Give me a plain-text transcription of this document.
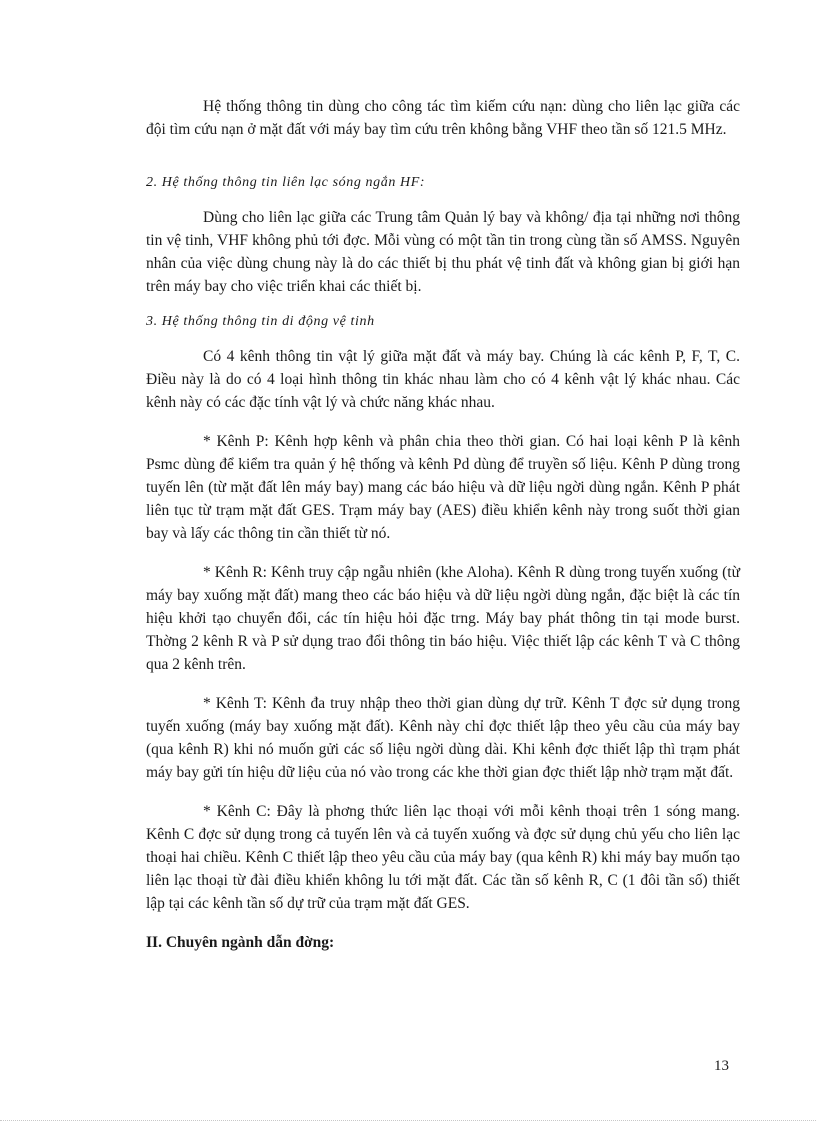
Hệ thống thông tin dùng cho công tác tìm kiếm cứu nạn: dùng cho liên lạc giữa các đội tìm cứu nạn ở mặt đất với máy bay tìm cứu trên không bằng VHF theo tần số 121.5 MHz.

2. Hệ thống thông tin liên lạc sóng ngắn HF:

Dùng cho liên lạc giữa các Trung tâm Quản lý bay và không/ địa tại những nơi thông tin vệ tinh, VHF không phủ tới đợc. Mỗi vùng có một tần tin trong cùng tần số AMSS. Nguyên nhân của việc dùng chung này là do các thiết bị thu phát vệ tinh đất và không gian bị giới hạn trên máy bay cho việc triển khai các thiết bị.

3. Hệ thống thông tin di động vệ tinh

Có 4 kênh thông tin vật lý giữa mặt đất và máy bay. Chúng là các kênh P, F, T, C. Điều này là do có 4 loại hình thông tin khác nhau làm cho có 4 kênh vật lý khác nhau. Các kênh này có các đặc tính vật lý và chức năng khác nhau.

* Kênh P: Kênh hợp kênh và phân chia theo thời gian. Có hai loại kênh P là kênh Psmc dùng để kiểm tra quản ý hệ thống và kênh Pd dùng để truyền số liệu. Kênh P dùng trong tuyến lên (từ mặt đất lên máy bay) mang các báo hiệu và dữ liệu ngời dùng ngắn. Kênh P phát liên tục từ trạm mặt đất GES. Trạm máy bay (AES) điều khiển kênh này trong suốt thời gian bay và lấy các thông tin cần thiết từ nó.

* Kênh R: Kênh truy cập ngẫu nhiên (khe Aloha). Kênh R dùng trong tuyến xuống (từ máy bay xuống mặt đất) mang theo các báo hiệu và dữ liệu ngời dùng ngắn, đặc biệt là các tín hiệu khởi tạo chuyển đổi, các tín hiệu hỏi đặc trng. Máy bay phát thông tin tại mode burst. Thờng 2 kênh R và P sử dụng trao đổi thông tin báo hiệu. Việc thiết lập các kênh T và C thông qua 2 kênh trên.

* Kênh T: Kênh đa truy nhập theo thời gian dùng dự trữ. Kênh T đợc sử dụng trong tuyến xuống (máy bay xuống mặt đất). Kênh này chỉ đợc thiết lập theo yêu cầu của máy bay (qua kênh R) khi nó muốn gửi các số liệu ngời dùng dài. Khi kênh đợc thiết lập thì trạm phát máy bay gửi tín hiệu dữ liệu của nó vào trong các khe thời gian đợc thiết lập nhờ trạm mặt đất.

* Kênh C: Đây là phơng thức liên lạc thoại với mỗi kênh thoại trên 1 sóng mang. Kênh C đợc sử dụng trong cả tuyến lên và cả tuyến xuống và đợc sử dụng chủ yếu cho liên lạc thoại hai chiều. Kênh C thiết lập theo yêu cầu của máy bay (qua kênh R) khi máy bay muốn tạo liên lạc thoại từ đài điều khiển không lu tới mặt đất. Các tần số kênh R, C (1 đôi tần số) thiết lập tại các kênh tần số dự trữ của trạm mặt đất GES.

II. Chuyên ngành dẫn đờng:

13
